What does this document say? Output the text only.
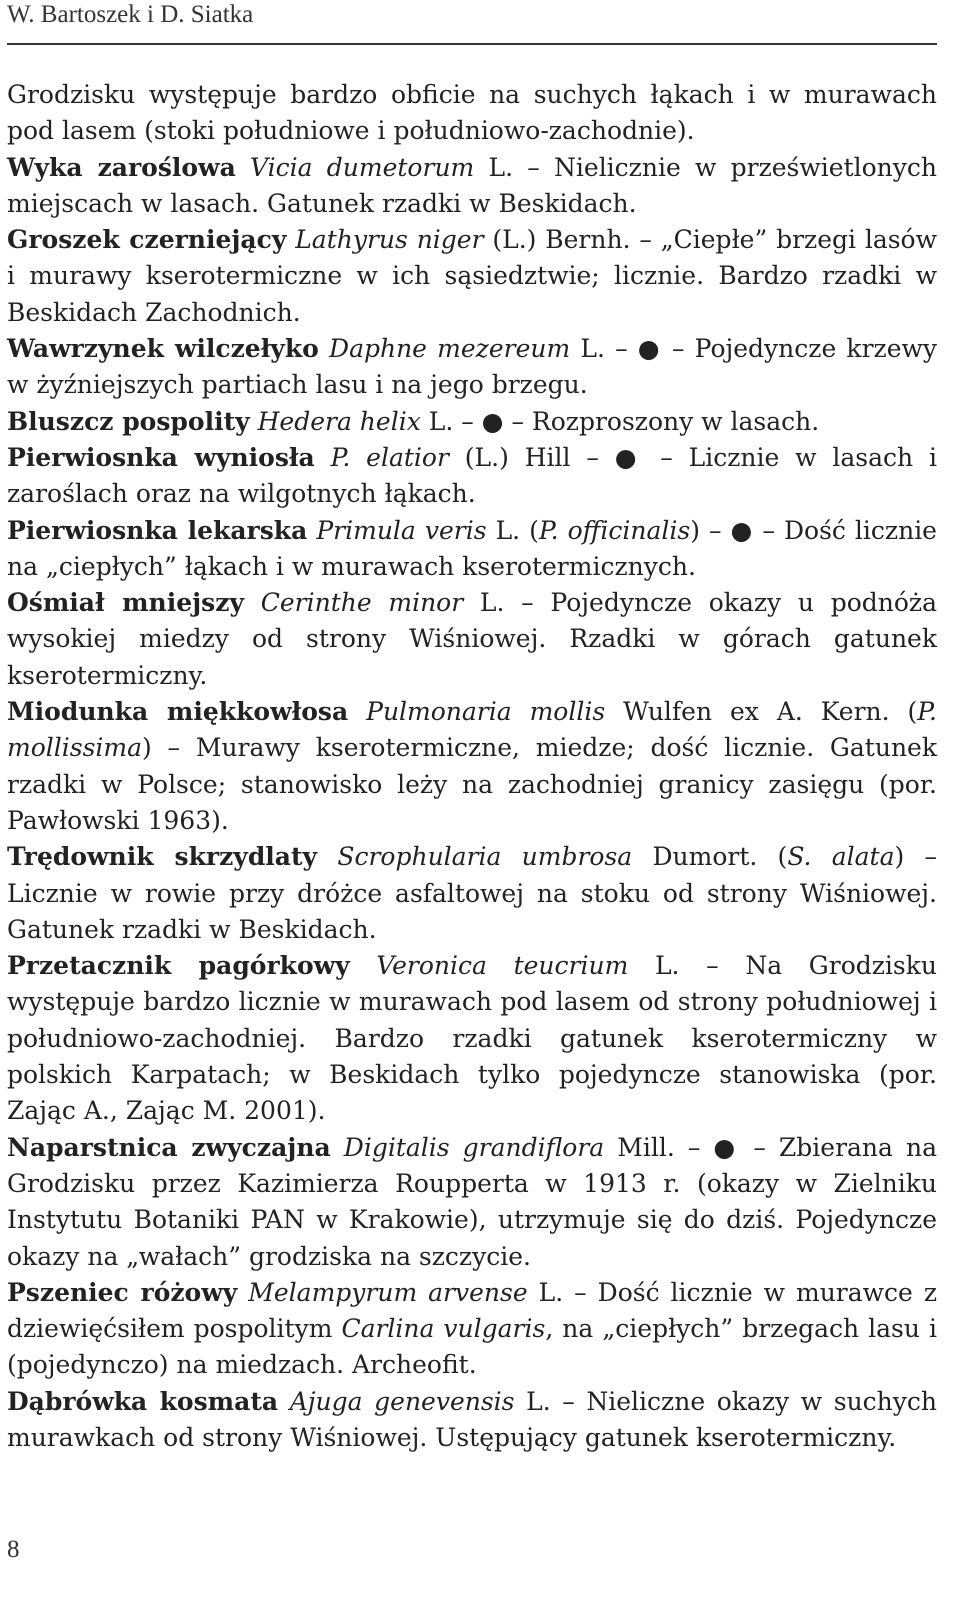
W. Bartoszek i D. Siatka

Grodzisku występuje bardzo obficie na suchych łąkach i w murawach pod lasem (stoki południowe i południowo-zachodnie).

Wyka zaroślowa Vicia dumetorum L. – Nielicznie w prześwietlonych miejscach w lasach. Gatunek rzadki w Beskidach.

Groszek czerniejący Lathyrus niger (L.) Bernh. – „Ciepłe” brzegi lasów i murawy kserotermiczne w ich sąsiedztwie; licznie. Bardzo rzadki w Beskidach Zachodnich.

Wawrzynek wilczełyko Daphne mezereum L. – ● – Pojedyncze krzewy w żyźniejszych partiach lasu i na jego brzegu.

Bluszcz pospolity Hedera helix L. – ● – Rozproszony w lasach.

Pierwiosnka wyniosła P. elatior (L.) Hill – ● – Licznie w lasach i zaroślach oraz na wilgotnych łąkach.

Pierwiosnka lekarska Primula veris L. (P. officinalis) – ● – Dość licznie na „ciepłych” łąkach i w murawach kserotermicznych.

Ośmiał mniejszy Cerinthe minor L. – Pojedyncze okazy u podnóża wysokiej miedzy od strony Wiśniowej. Rzadki w górach gatunek kserotermiczny.

Miodunka miękkowłosa Pulmonaria mollis Wulfen ex A. Kern. (P. mollissima) – Murawy kserotermiczne, miedze; dość licznie. Gatunek rzadki w Polsce; stanowisko leży na zachodniej granicy zasięgu (por. Pawłowski 1963).

Trędownik skrzydlaty Scrophularia umbrosa Dumort. (S. alata) – Licznie w rowie przy dróżce asfaltowej na stoku od strony Wiśniowej. Gatunek rzadki w Beskidach.

Przetacznik pagórkowy Veronica teucrium L. – Na Grodzisku występuje bardzo licznie w murawach pod lasem od strony południowej i południowo-zachodniej. Bardzo rzadki gatunek kserotermiczny w polskich Karpatach; w Beskidach tylko pojedyncze stanowiska (por. Zając A., Zając M. 2001).

Naparstnica zwyczajna Digitalis grandiflora Mill. – ● – Zbierana na Grodzisku przez Kazimierza Roupperta w 1913 r. (okazy w Zielniku Instytutu Botaniki PAN w Krakowie), utrzymuje się do dziś. Pojedyncze okazy na „wałach” grodziska na szczycie.

Pszeniec różowy Melampyrum arvense L. – Dość licznie w murawce z dziewięćsiłem pospolitym Carlina vulgaris, na „ciepłych” brzegach lasu i (pojedynczo) na miedzach. Archeofit.

Dąbrówka kosmata Ajuga genevensis L. – Nieliczne okazy w suchych murawkach od strony Wiśniowej. Ustępujący gatunek kserotermiczny.

8
